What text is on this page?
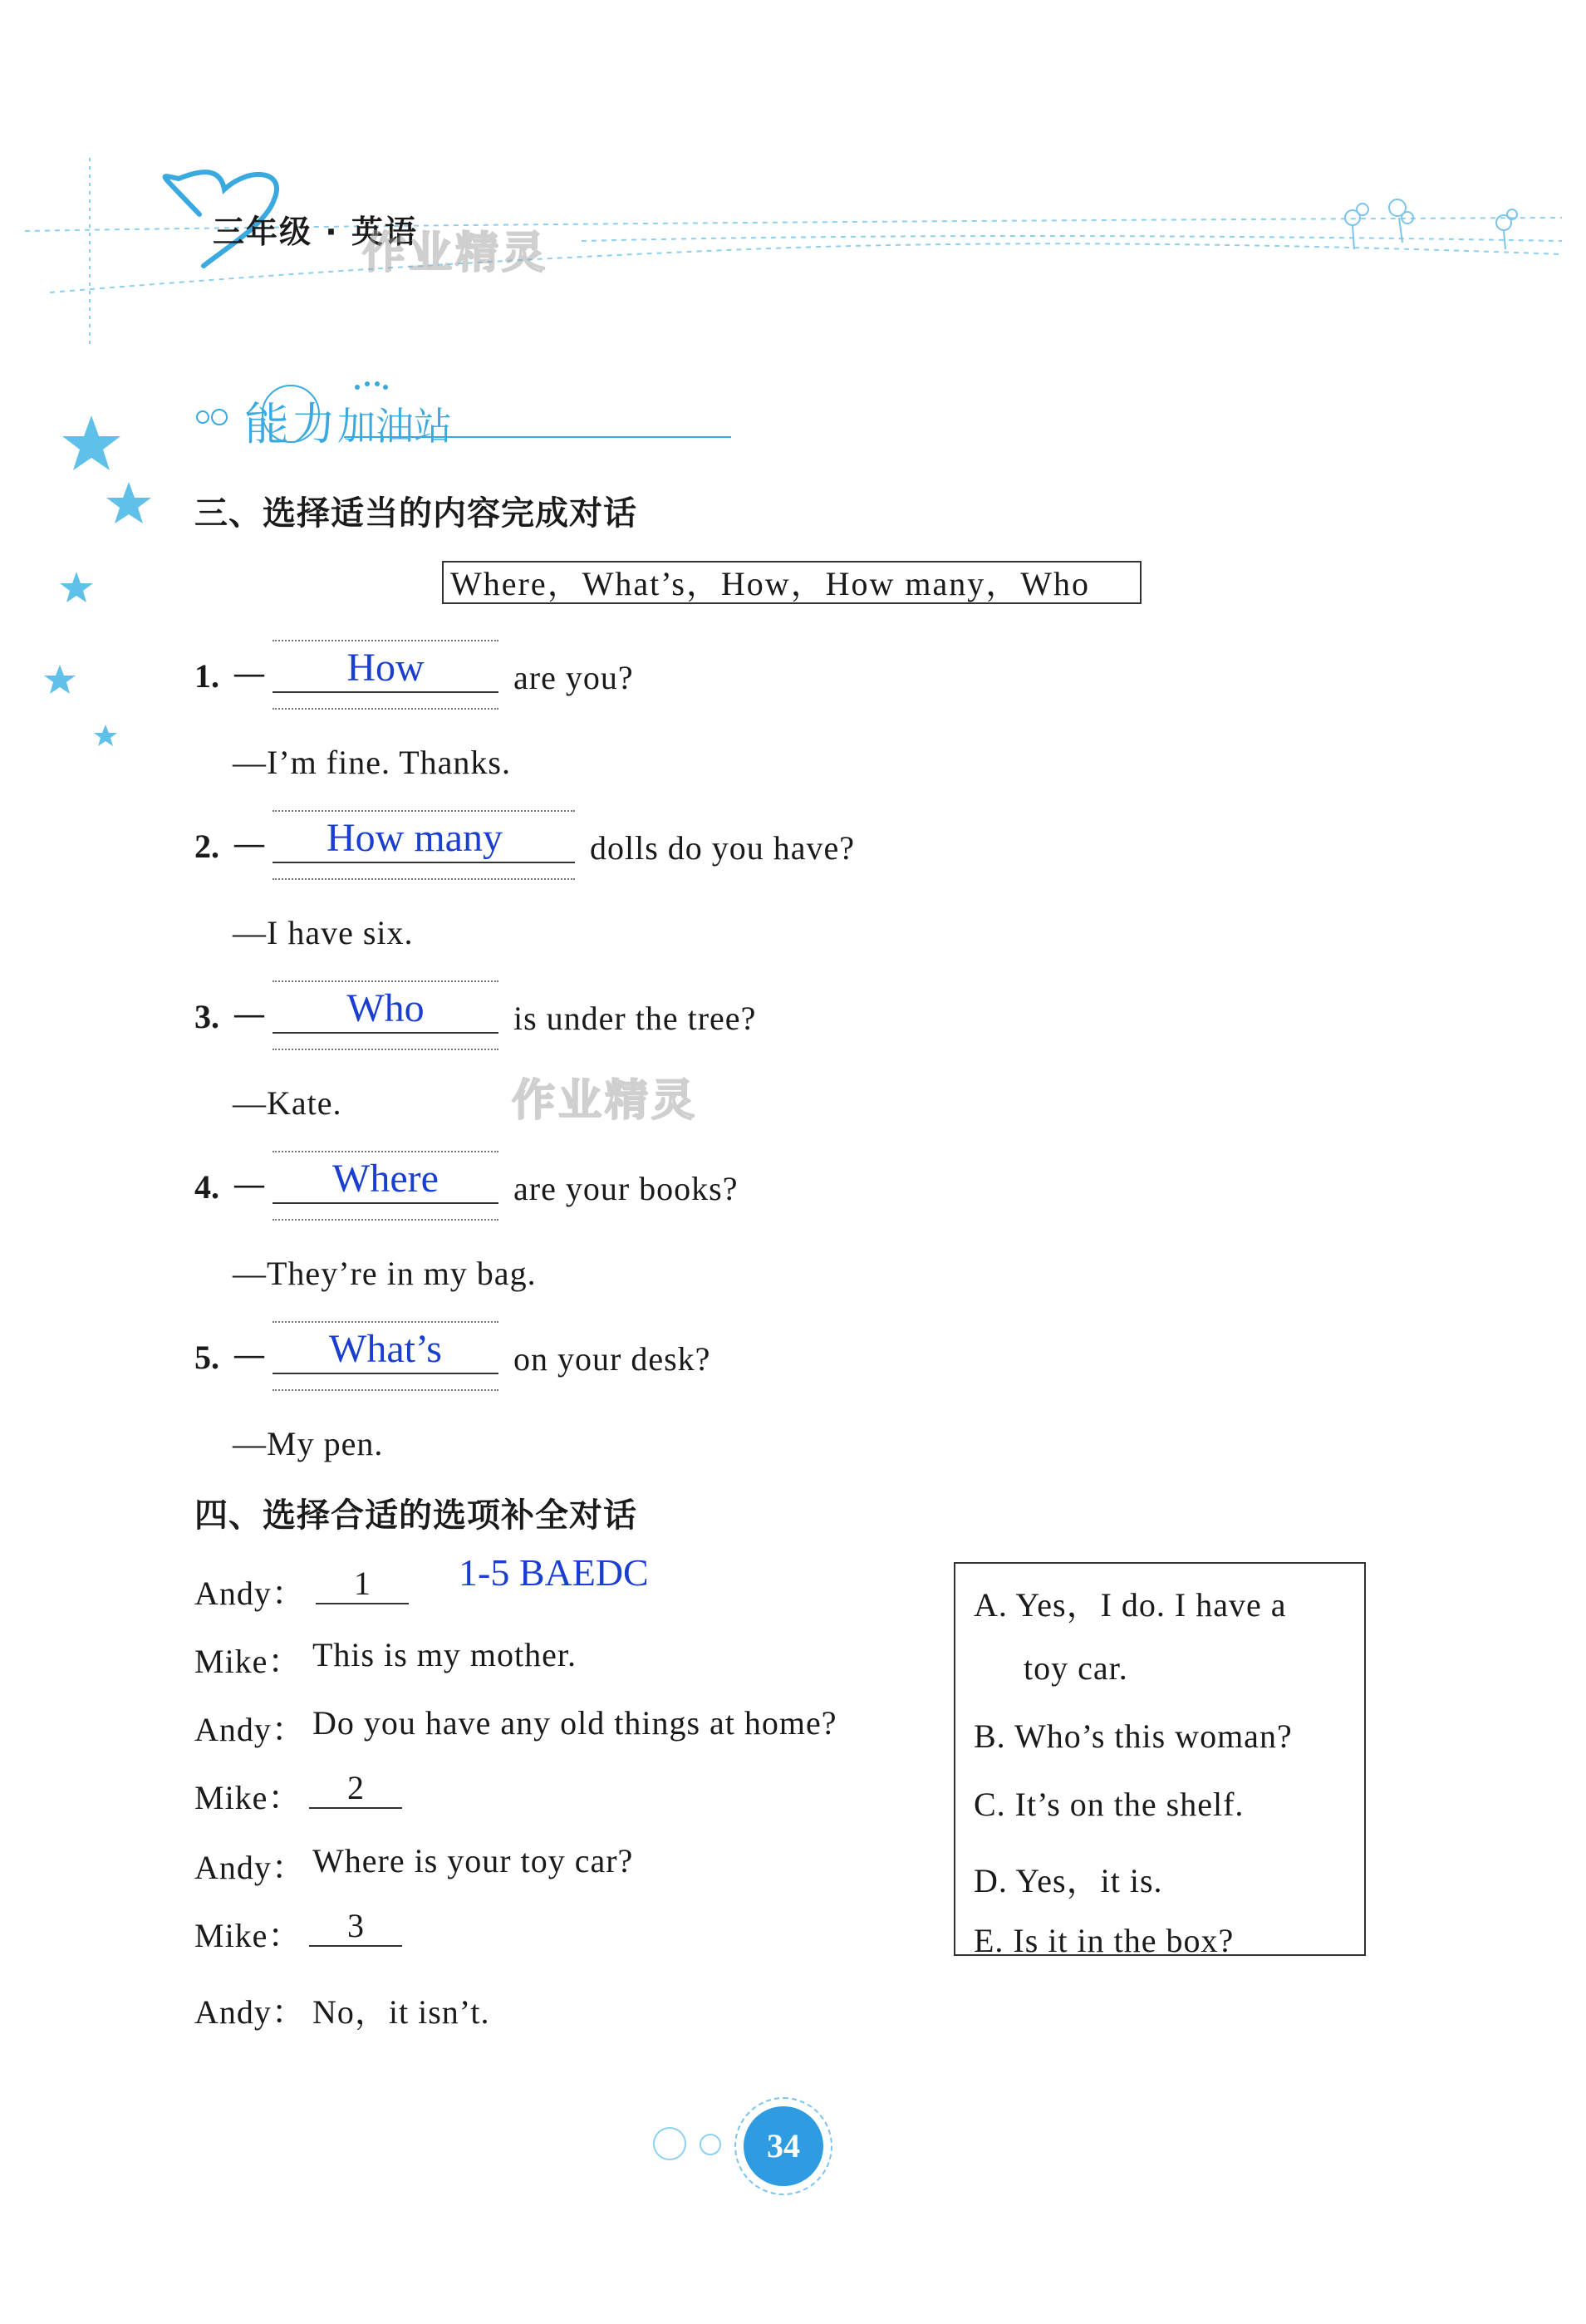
三年级 · 英语
作业精灵
能力加油站
三、选择适当的内容完成对话
Where，What’s，How，How many，Who
1. —	How	are you?
—I’m fine. Thanks.
2. —	How many	dolls do you have?
—I have six.
3. —	Who	is under the tree?
—Kate.	作业精灵
4. —	Where	are your books?
—They’re in my bag.
5. —	What’s	on your desk?
—My pen.
四、选择合适的选项补全对话
1-5 BAEDC
Andy：	1
Mike： This is my mother.
Andy： Do you have any old things at home?
Mike：	2
Andy： Where is your toy car?
Mike：	3
Andy： No，it isn’t.
A. Yes，I do. I have a
toy car.
B. Who’s this woman?
C. It’s on the shelf.
D. Yes，it is.
E. Is it in the box?
34
